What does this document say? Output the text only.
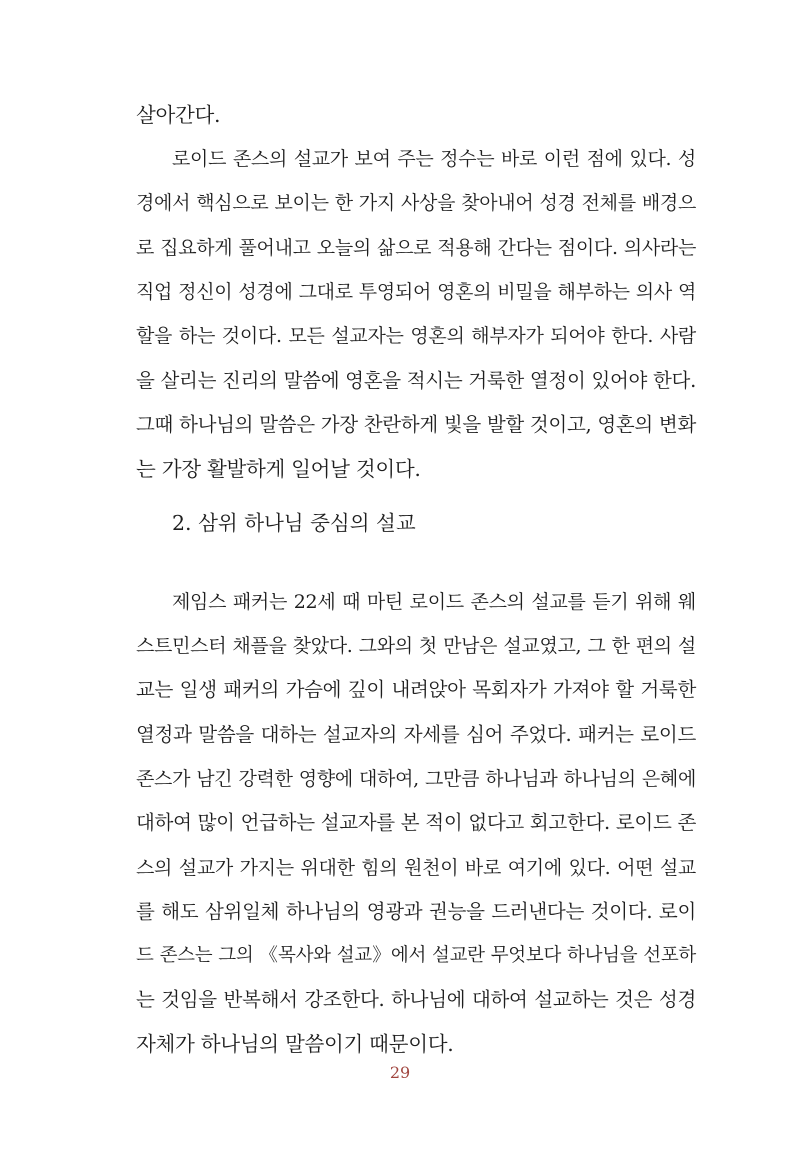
살아간다.
로이드 존스의 설교가 보여 주는 정수는 바로 이런 점에 있다. 성
경에서 핵심으로 보이는 한 가지 사상을 찾아내어 성경 전체를 배경으
로 집요하게 풀어내고 오늘의 삶으로 적용해 간다는 점이다. 의사라는
직업 정신이 성경에 그대로 투영되어 영혼의 비밀을 해부하는 의사 역
할을 하는 것이다. 모든 설교자는 영혼의 해부자가 되어야 한다. 사람
을 살리는 진리의 말씀에 영혼을 적시는 거룩한 열정이 있어야 한다.
그때 하나님의 말씀은 가장 찬란하게 빛을 발할 것이고, 영혼의 변화
는 가장 활발하게 일어날 것이다.
2. 삼위 하나님 중심의 설교
제임스 패커는 22세 때 마틴 로이드 존스의 설교를 듣기 위해 웨
스트민스터 채플을 찾았다. 그와의 첫 만남은 설교였고, 그 한 편의 설
교는 일생 패커의 가슴에 깊이 내려앉아 목회자가 가져야 할 거룩한
열정과 말씀을 대하는 설교자의 자세를 심어 주었다. 패커는 로이드
존스가 남긴 강력한 영향에 대하여, 그만큼 하나님과 하나님의 은혜에
대하여 많이 언급하는 설교자를 본 적이 없다고 회고한다. 로이드 존
스의 설교가 가지는 위대한 힘의 원천이 바로 여기에 있다. 어떤 설교
를 해도 삼위일체 하나님의 영광과 권능을 드러낸다는 것이다. 로이
드 존스는 그의 《목사와 설교》에서 설교란 무엇보다 하나님을 선포하
는 것임을 반복해서 강조한다. 하나님에 대하여 설교하는 것은 성경
자체가 하나님의 말씀이기 때문이다.
29
